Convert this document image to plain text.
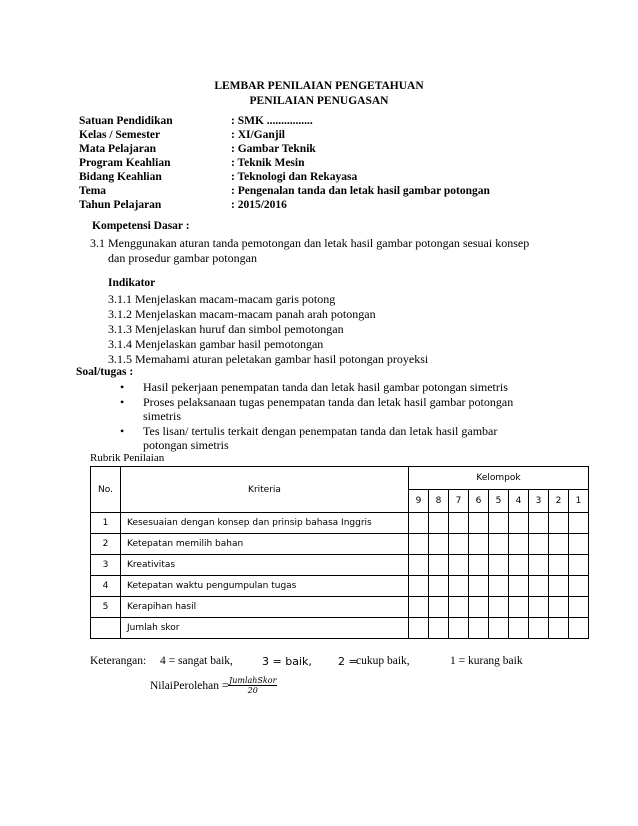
LEMBAR PENILAIAN PENGETAHUAN
PENILAIAN PENUGASAN
Satuan Pendidikan	: SMK ................
Kelas / Semester	: XI/Ganjil
Mata Pelajaran	: Gambar Teknik
Program Keahlian	: Teknik Mesin
Bidang Keahlian	: Teknologi dan Rekayasa
Tema	: Pengenalan tanda dan letak hasil gambar potongan
Tahun Pelajaran	: 2015/2016
Kompetensi Dasar :
3.1 Menggunakan aturan tanda pemotongan dan letak hasil gambar potongan sesuai konsep
dan prosedur gambar potongan
Indikator
3.1.1 Menjelaskan macam-macam garis potong
3.1.2 Menjelaskan macam-macam panah arah potongan
3.1.3 Menjelaskan huruf dan simbol pemotongan
3.1.4 Menjelaskan gambar hasil pemotongan
3.1.5 Memahami aturan peletakan gambar hasil potongan proyeksi
Soal/tugas :
• Hasil pekerjaan penempatan tanda dan letak hasil gambar potongan simetris
• Proses pelaksanaan tugas penempatan tanda dan letak hasil gambar potongan simetris
• Tes lisan/ tertulis terkait dengan penempatan tanda dan letak hasil gambar potongan simetris
Rubrik Penilaian
No.	Kriteria	Kelompok								
		9	8	7	6	5	4	3	2	1
1	Kesesuaian dengan konsep dan prinsip bahasa Inggris									
2	Ketepatan memilih bahan									
3	Kreativitas									
4	Ketepatan waktu pengumpulan tugas									
5	Kerapihan hasil									
	Jumlah skor									
Keterangan: 4 = sangat baik,	3 = baik, 2 =
cukup baik,	1 = kurang baik
NilaiPerolehan = JumlahSkor
20
